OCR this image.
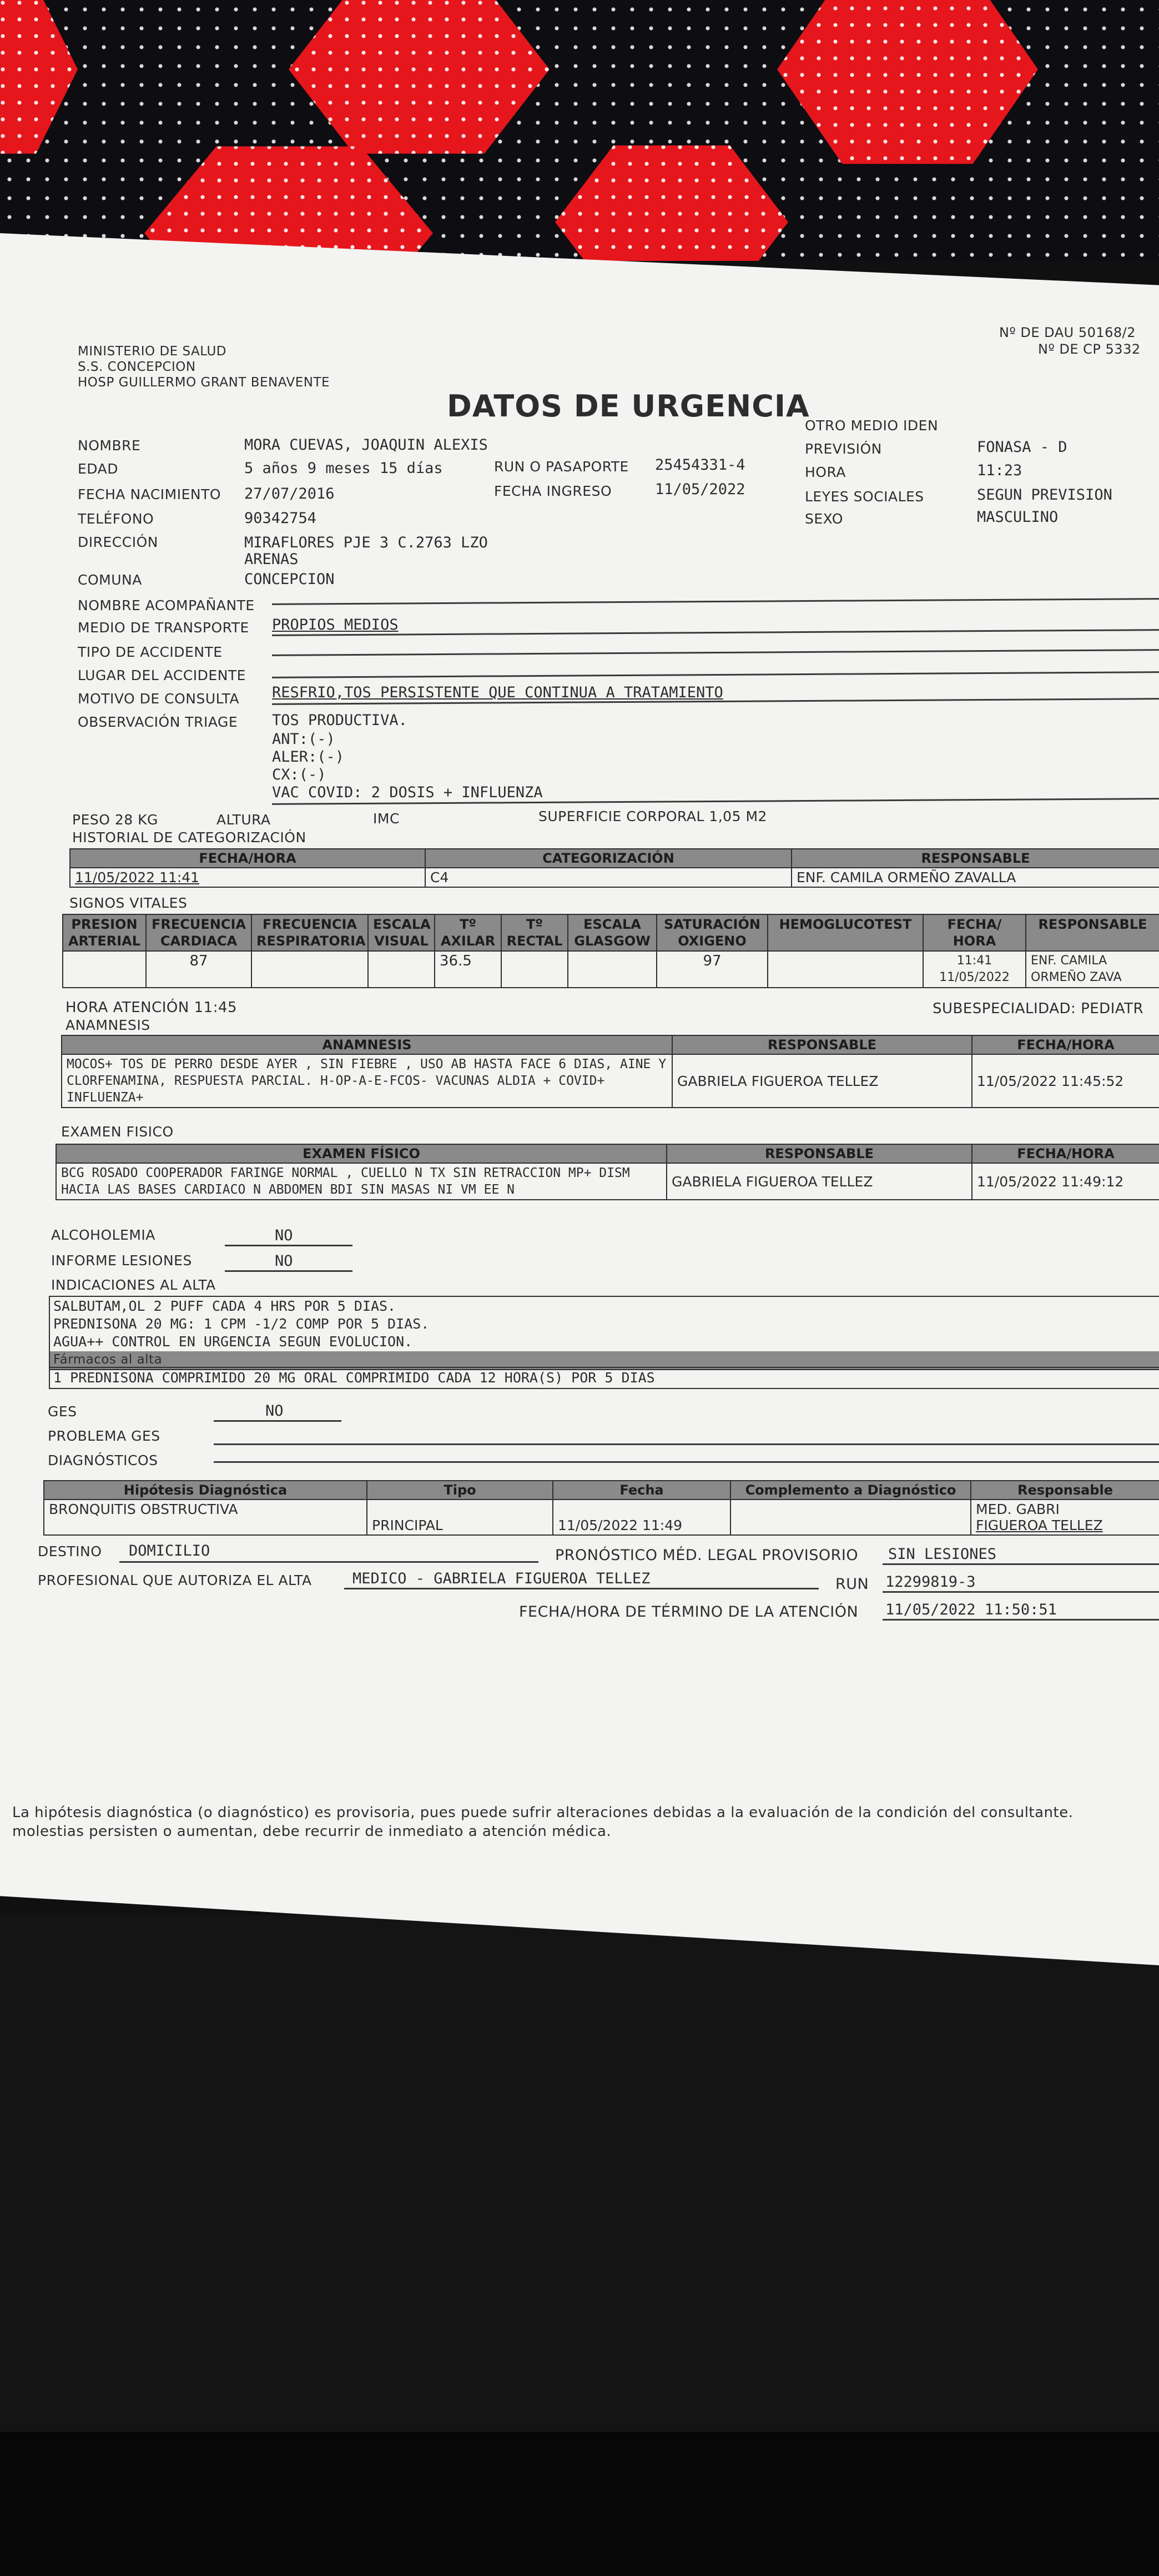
MINISTERIO DE SALUD
S.S. CONCEPCION
HOSP GUILLERMO GRANT BENAVENTE
Nº DE DAU 50168/2
Nº DE CP 5332
DATOS DE URGENCIA
OTRO MEDIO IDEN
NOMBRE	MORA CUEVAS, JOAQUIN ALEXIS	PREVISIÓN	FONASA - D
EDAD	5 años 9 meses 15 días	RUN O PASAPORTE 25454331-4	HORA	11:23
FECHA NACIMIENTO 27/07/2016	FECHA INGRESO	11/05/2022	LEYES SOCIALES	SEGUN PREVISION
TELÉFONO	90342754	SEXO	MASCULINO
DIRECCIÓN	MIRAFLORES PJE 3 C.2763 LZO
ARENAS
COMUNA	CONCEPCION
NOMBRE ACOMPAÑANTE
MEDIO DE TRANSPORTE PROPIOS MEDIOS
TIPO DE ACCIDENTE
LUGAR DEL ACCIDENTE
MOTIVO DE CONSULTA RESFRIO,TOS PERSISTENTE QUE CONTINUA A TRATAMIENTO
OBSERVACIÓN TRIAGE TOS PRODUCTIVA.
ANT:(-)
ALER:(-)
CX:(-)
VAC COVID: 2 DOSIS + INFLUENZA
PESO 28 KG	ALTURA	IMC	SUPERFICIE CORPORAL 1,05 M2
HISTORIAL DE CATEGORIZACIÓN
FECHA/HORA	CATEGORIZACIÓN	RESPONSABLE
11/05/2022 11:41	C4	ENF. CAMILA ORMEÑO ZAVALLA
SIGNOS VITALES
PRESION ARTERIAL	FRECUENCIA CARDIACA	FRECUENCIA RESPIRATORIA	ESCALA VISUAL	Tº AXILAR	Tº RECTAL	ESCALA GLASGOW	SATURACIÓN OXIGENO	HEMOGLUCOTEST	FECHA/ HORA	RESPONSABLE
	87			36.5			97		11:41 11/05/2022	ENF. CAMILA ORMEÑO ZAVA
HORA ATENCIÓN 11:45	SUBESPECIALIDAD: PEDIATR
ANAMNESIS
ANAMNESIS	RESPONSABLE	FECHA/HORA
MOCOS+ TOS DE PERRO DESDE AYER , SIN FIEBRE , USO AB HASTA FACE 6 DIAS, AINE Y CLORFENAMINA, RESPUESTA PARCIAL. H-OP-A-E-FCOS- VACUNAS ALDIA + COVID+ INFLUENZA+	GABRIELA FIGUEROA TELLEZ	11/05/2022 11:45:52
EXAMEN FISICO
EXAMEN FÍSICO	RESPONSABLE	FECHA/HORA
BCG ROSADO COOPERADOR FARINGE NORMAL , CUELLO N TX SIN RETRACCION MP+ DISM HACIA LAS BASES CARDIACO N ABDOMEN BDI SIN MASAS NI VM EE N	GABRIELA FIGUEROA TELLEZ	11/05/2022 11:49:12
ALCOHOLEMIA	NO
INFORME LESIONES	NO
INDICACIONES AL ALTA
SALBUTAM,OL 2 PUFF CADA 4 HRS POR 5 DIAS.
PREDNISONA 20 MG: 1 CPM -1/2 COMP POR 5 DIAS.
AGUA++ CONTROL EN URGENCIA SEGUN EVOLUCION.
Fármacos al alta
1 PREDNISONA COMPRIMIDO 20 MG ORAL COMPRIMIDO CADA 12 HORA(S) POR 5 DIAS
GES	NO
PROBLEMA GES
DIAGNÓSTICOS
Hipótesis Diagnóstica	Tipo	Fecha	Complemento a Diagnóstico	Responsable
BRONQUITIS OBSTRUCTIVA	PRINCIPAL	11/05/2022 11:49		MED. GABRI
FIGUEROA TELLEZ
DESTINO DOMICILIO	PRONÓSTICO MÉD. LEGAL PROVISORIO SIN LESIONES
PROFESIONAL QUE AUTORIZA EL ALTA	MEDICO - GABRIELA FIGUEROA TELLEZ	RUN 12299819-3
FECHA/HORA DE TÉRMINO DE LA ATENCIÓN 11/05/2022 11:50:51
La hipótesis diagnóstica (o diagnóstico) es provisoria, pues puede sufrir alteraciones debidas a la evaluación de la condición del consultante.
molestias persisten o aumentan, debe recurrir de inmediato a atención médica.
